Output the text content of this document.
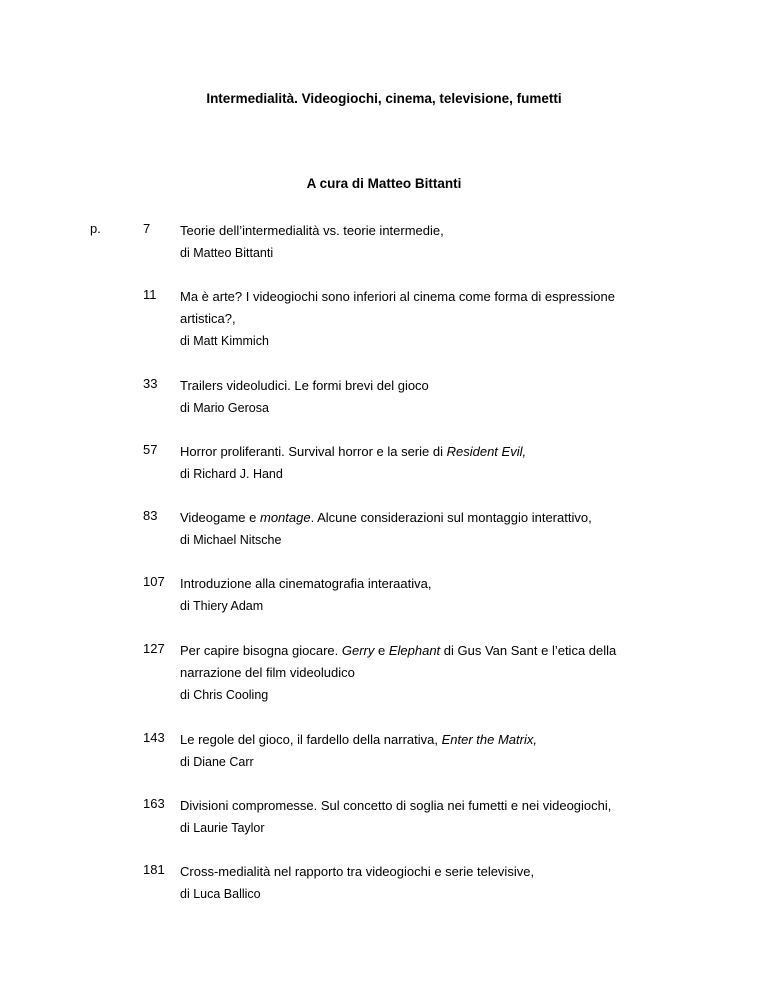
Intermedialità. Videogiochi, cinema, televisione, fumetti
A cura di Matteo Bittanti
p.	7 Teorie dell’intermedialità vs. teorie intermedie,
di Matteo Bittanti
11 Ma è arte? I videogiochi sono inferiori al cinema come forma di espressione
artistica?,
di Matt Kimmich
33 Trailers videoludici. Le formi brevi del gioco
di Mario Gerosa
57 Horror proliferanti. Survival horror e la serie di Resident Evil,
di Richard J. Hand
83 Videogame e montage. Alcune considerazioni sul montaggio interattivo,
di Michael Nitsche
107 Introduzione alla cinematografia interaativa,
di Thiery Adam
127 Per capire bisogna giocare. Gerry e Elephant di Gus Van Sant e l’etica della
narrazione del film videoludico
di Chris Cooling
143 Le regole del gioco, il fardello della narrativa, Enter the Matrix,
di Diane Carr
163 Divisioni compromesse. Sul concetto di soglia nei fumetti e nei videogiochi,
di Laurie Taylor
181 Cross-medialità nel rapporto tra videogiochi e serie televisive,
di Luca Ballico
